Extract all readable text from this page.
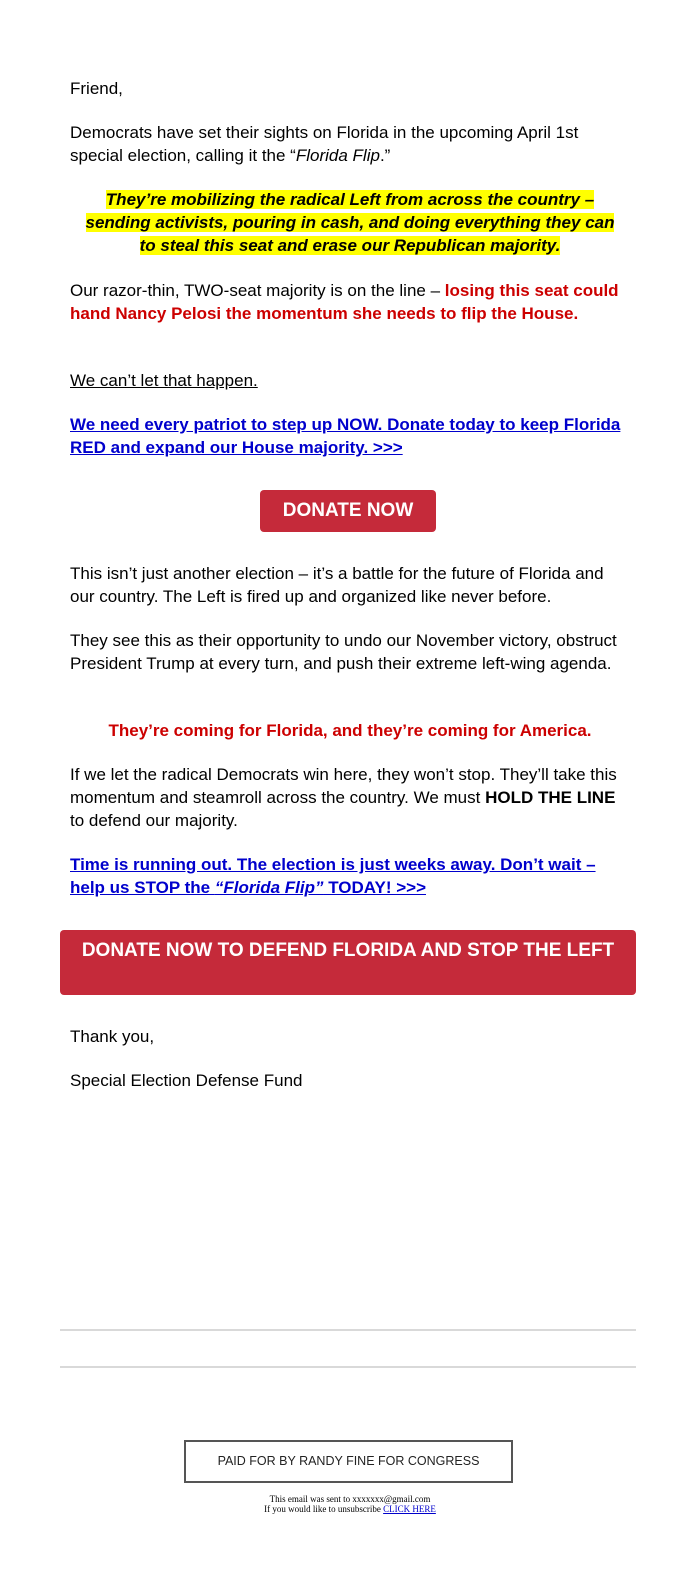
Friend,

Democrats have set their sights on Florida in the upcoming April 1st special election, calling it the “Florida Flip.”

They’re mobilizing the radical Left from across the country – sending activists, pouring in cash, and doing everything they can to steal this seat and erase our Republican majority.

Our razor-thin, TWO-seat majority is on the line – losing this seat could hand Nancy Pelosi the momentum she needs to flip the House.

We can’t let that happen.

We need every patriot to step up NOW. Donate today to keep Florida RED and expand our House majority. >>>

This isn’t just another election – it’s a battle for the future of Florida and our country. The Left is fired up and organized like never before.

They see this as their opportunity to undo our November victory, obstruct President Trump at every turn, and push their extreme left-wing agenda.

They’re coming for Florida, and they’re coming for America.

If we let the radical Democrats win here, they won’t stop. They’ll take this momentum and steamroll across the country. We must HOLD THE LINE to defend our majority.

Time is running out. The election is just weeks away. Don’t wait – help us STOP the “Florida Flip” TODAY! >>>

Thank you,

Special Election Defense Fund

DONATE NOW
DONATE NOW TO DEFEND FLORIDA AND STOP THE LEFT
PAID FOR BY RANDY FINE FOR CONGRESS
This email was sent to xxxxxxx@gmail.com
If you would like to unsubscribe CLICK HERE
